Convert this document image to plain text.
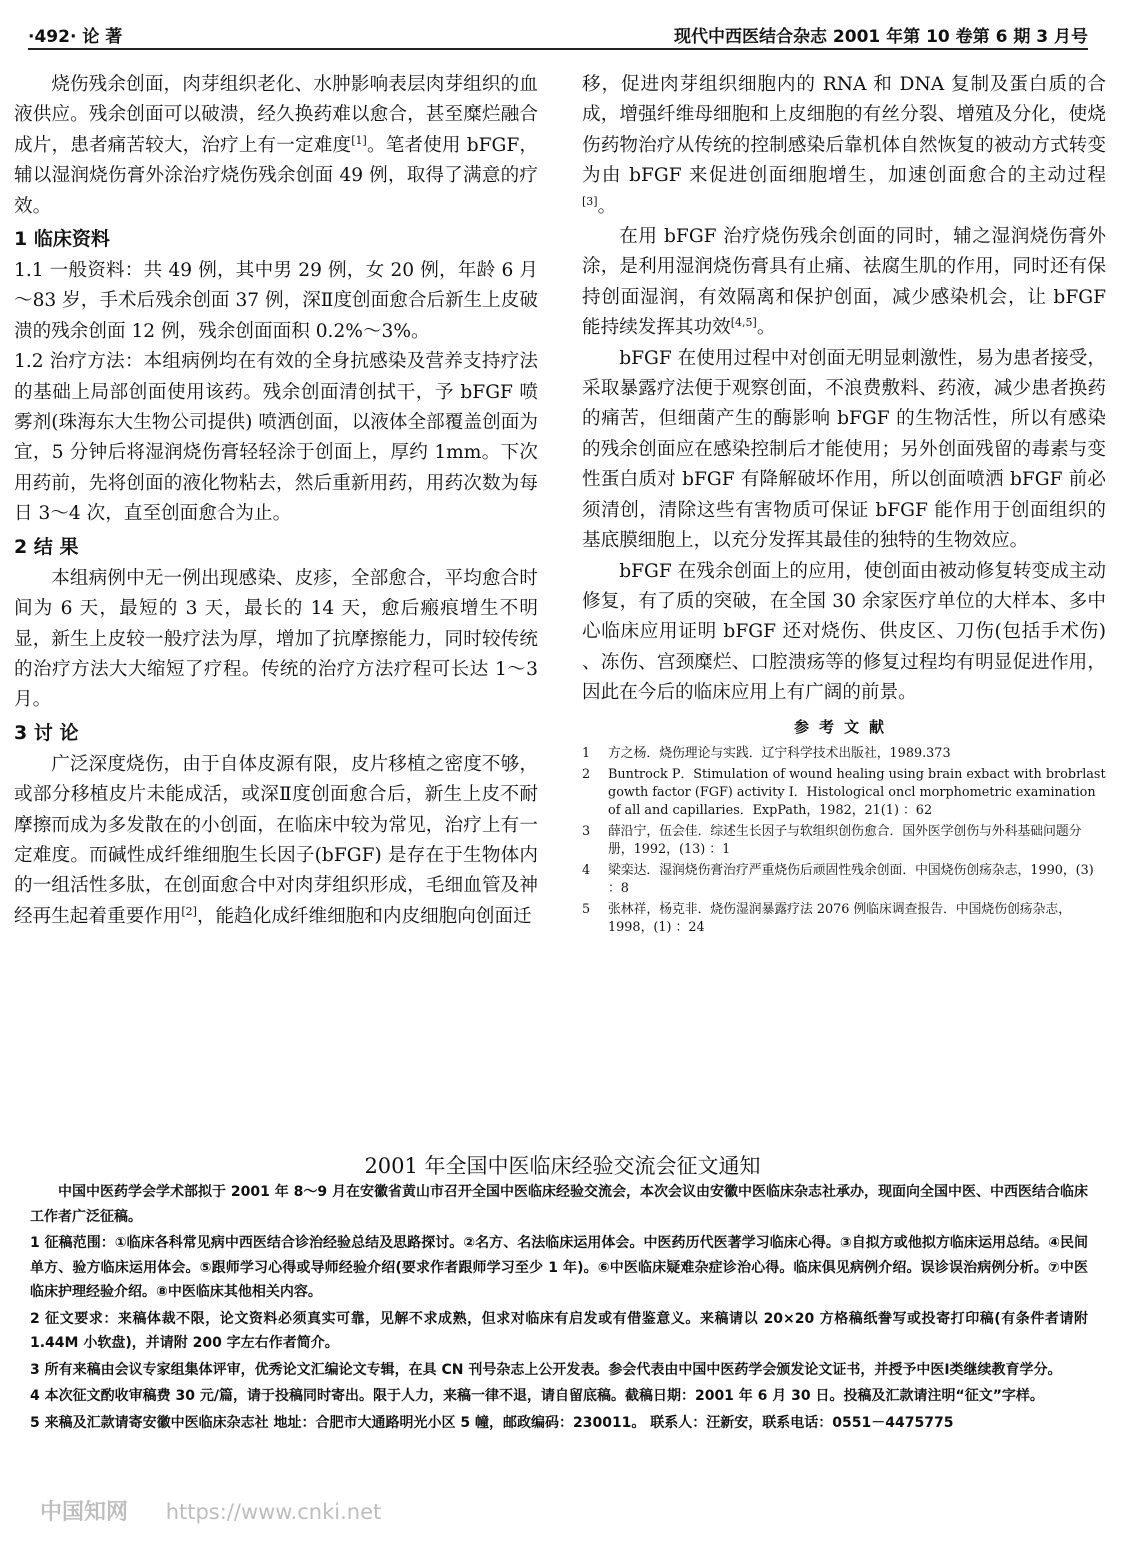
·492· 论 著	现代中西医结合杂志 2001 年第 10 卷第 6 期 3 月号

烧伤残余创面，肉芽组织老化、水肿影响表层肉芽组织的血液供应。残余创面可以破溃，经久换药难以愈合，甚至糜烂融合成片，患者痛苦较大，治疗上有一定难度[1]。笔者使用 bFGF，辅以湿润烧伤膏外涂治疗烧伤残余创面 49 例，取得了满意的疗效。

1 临床资料

1.1 一般资料：共 49 例，其中男 29 例，女 20 例，年龄 6 月～83 岁，手术后残余创面 37 例，深Ⅱ度创面愈合后新生上皮破溃的残余创面 12 例，残余创面面积 0.2%～3%。

1.2 治疗方法：本组病例均在有效的全身抗感染及营养支持疗法的基础上局部创面使用该药。残余创面清创拭干，予 bFGF 喷雾剂(珠海东大生物公司提供) 喷洒创面，以液体全部覆盖创面为宜，5 分钟后将湿润烧伤膏轻轻涂于创面上，厚约 1mm。下次用药前，先将创面的液化物粘去，然后重新用药，用药次数为每日 3～4 次，直至创面愈合为止。

2 结 果

本组病例中无一例出现感染、皮疹，全部愈合，平均愈合时间为 6 天，最短的 3 天，最长的 14 天，愈后瘢痕增生不明显，新生上皮较一般疗法为厚，增加了抗摩擦能力，同时较传统的治疗方法大大缩短了疗程。传统的治疗方法疗程可长达 1～3 月。

3 讨 论

广泛深度烧伤，由于自体皮源有限，皮片移植之密度不够，或部分移植皮片未能成活，或深Ⅱ度创面愈合后，新生上皮不耐摩擦而成为多发散在的小创面，在临床中较为常见，治疗上有一定难度。而碱性成纤维细胞生长因子(bFGF) 是存在于生物体内的一组活性多肽，在创面愈合中对肉芽组织形成，毛细血管及神经再生起着重要作用[2]，能趋化成纤维细胞和内皮细胞向创面迁

移，促进肉芽组织细胞内的 RNA 和 DNA 复制及蛋白质的合成，增强纤维母细胞和上皮细胞的有丝分裂、增殖及分化，使烧伤药物治疗从传统的控制感染后靠机体自然恢复的被动方式转变为由 bFGF 来促进创面细胞增生，加速创面愈合的主动过程[3]。

在用 bFGF 治疗烧伤残余创面的同时，辅之湿润烧伤膏外涂，是利用湿润烧伤膏具有止痛、祛腐生肌的作用，同时还有保持创面湿润，有效隔离和保护创面，减少感染机会，让 bFGF 能持续发挥其功效[4,5]。

bFGF 在使用过程中对创面无明显刺激性，易为患者接受，采取暴露疗法便于观察创面，不浪费敷料、药液，减少患者换药的痛苦，但细菌产生的酶影响 bFGF 的生物活性，所以有感染的残余创面应在感染控制后才能使用；另外创面残留的毒素与变性蛋白质对 bFGF 有降解破坏作用，所以创面喷洒 bFGF 前必须清创，清除这些有害物质可保证 bFGF 能作用于创面组织的基底膜细胞上，以充分发挥其最佳的独特的生物效应。

bFGF 在残余创面上的应用，使创面由被动修复转变成主动修复，有了质的突破，在全国 30 余家医疗单位的大样本、多中心临床应用证明 bFGF 还对烧伤、供皮区、刀伤(包括手术伤) 、冻伤、宫颈糜烂、口腔溃疡等的修复过程均有明显促进作用，因此在今后的临床应用上有广阔的前景。

参考文献
1	方之杨．烧伤理论与实践．辽宁科学技术出版社，1989.373
2	Buntrock P．Stimulation of wound healing using brain exbact with brobrlast gowth factor (FGF) activity I．Histological oncl morphometric examination of all and capillaries．ExpPath，1982，21(1) ：62
3	薛沿宁，伍会佳．综述生长因子与软组织创伤愈合．国外医学创伤与外科基础问题分册，1992，(13) ：1
4	梁栾达．湿润烧伤膏治疗严重烧伤后顽固性残余创面．中国烧伤创疡杂志，1990，(3) ：8
5	张林祥，杨克非．烧伤湿润暴露疗法 2076 例临床调查报告．中国烧伤创疡杂志，1998，(1) ：24
2001 年全国中医临床经验交流会征文通知

中国中医药学会学术部拟于 2001 年 8～9 月在安徽省黄山市召开全国中医临床经验交流会，本次会议由安徽中医临床杂志社承办，现面向全国中医、中西医结合临床工作者广泛征稿。

1 征稿范围：①临床各科常见病中西医结合诊治经验总结及思路探讨。②名方、名法临床运用体会。中医药历代医著学习临床心得。③自拟方或他拟方临床运用总结。④民间单方、验方临床运用体会。⑤跟师学习心得或导师经验介绍(要求作者跟师学习至少 1 年)。⑥中医临床疑难杂症诊治心得。临床俱见病例介绍。误诊误治病例分析。⑦中医临床护理经验介绍。⑧中医临床其他相关内容。

2 征文要求：来稿体裁不限，论文资料必须真实可靠，见解不求成熟，但求对临床有启发或有借鉴意义。来稿请以 20×20 方格稿纸誊写或投寄打印稿(有条件者请附 1.44M 小软盘)，并请附 200 字左右作者简介。

3 所有来稿由会议专家组集体评审，优秀论文汇编论文专辑，在具 CN 刊号杂志上公开发表。参会代表由中国中医药学会颁发论文证书，并授予中医Ⅰ类继续教育学分。

4 本次征文酌收审稿费 30 元/篇，请于投稿同时寄出。限于人力，来稿一律不退，请自留底稿。截稿日期：2001 年 6 月 30 日。投稿及汇款请注明“征文”字样。

5 来稿及汇款请寄安徽中医临床杂志社 地址：合肥市大通路明光小区 5 幢，邮政编码：230011。 联系人：汪新安，联系电话：0551－4475775

中国知网 https://www.cnki.net
